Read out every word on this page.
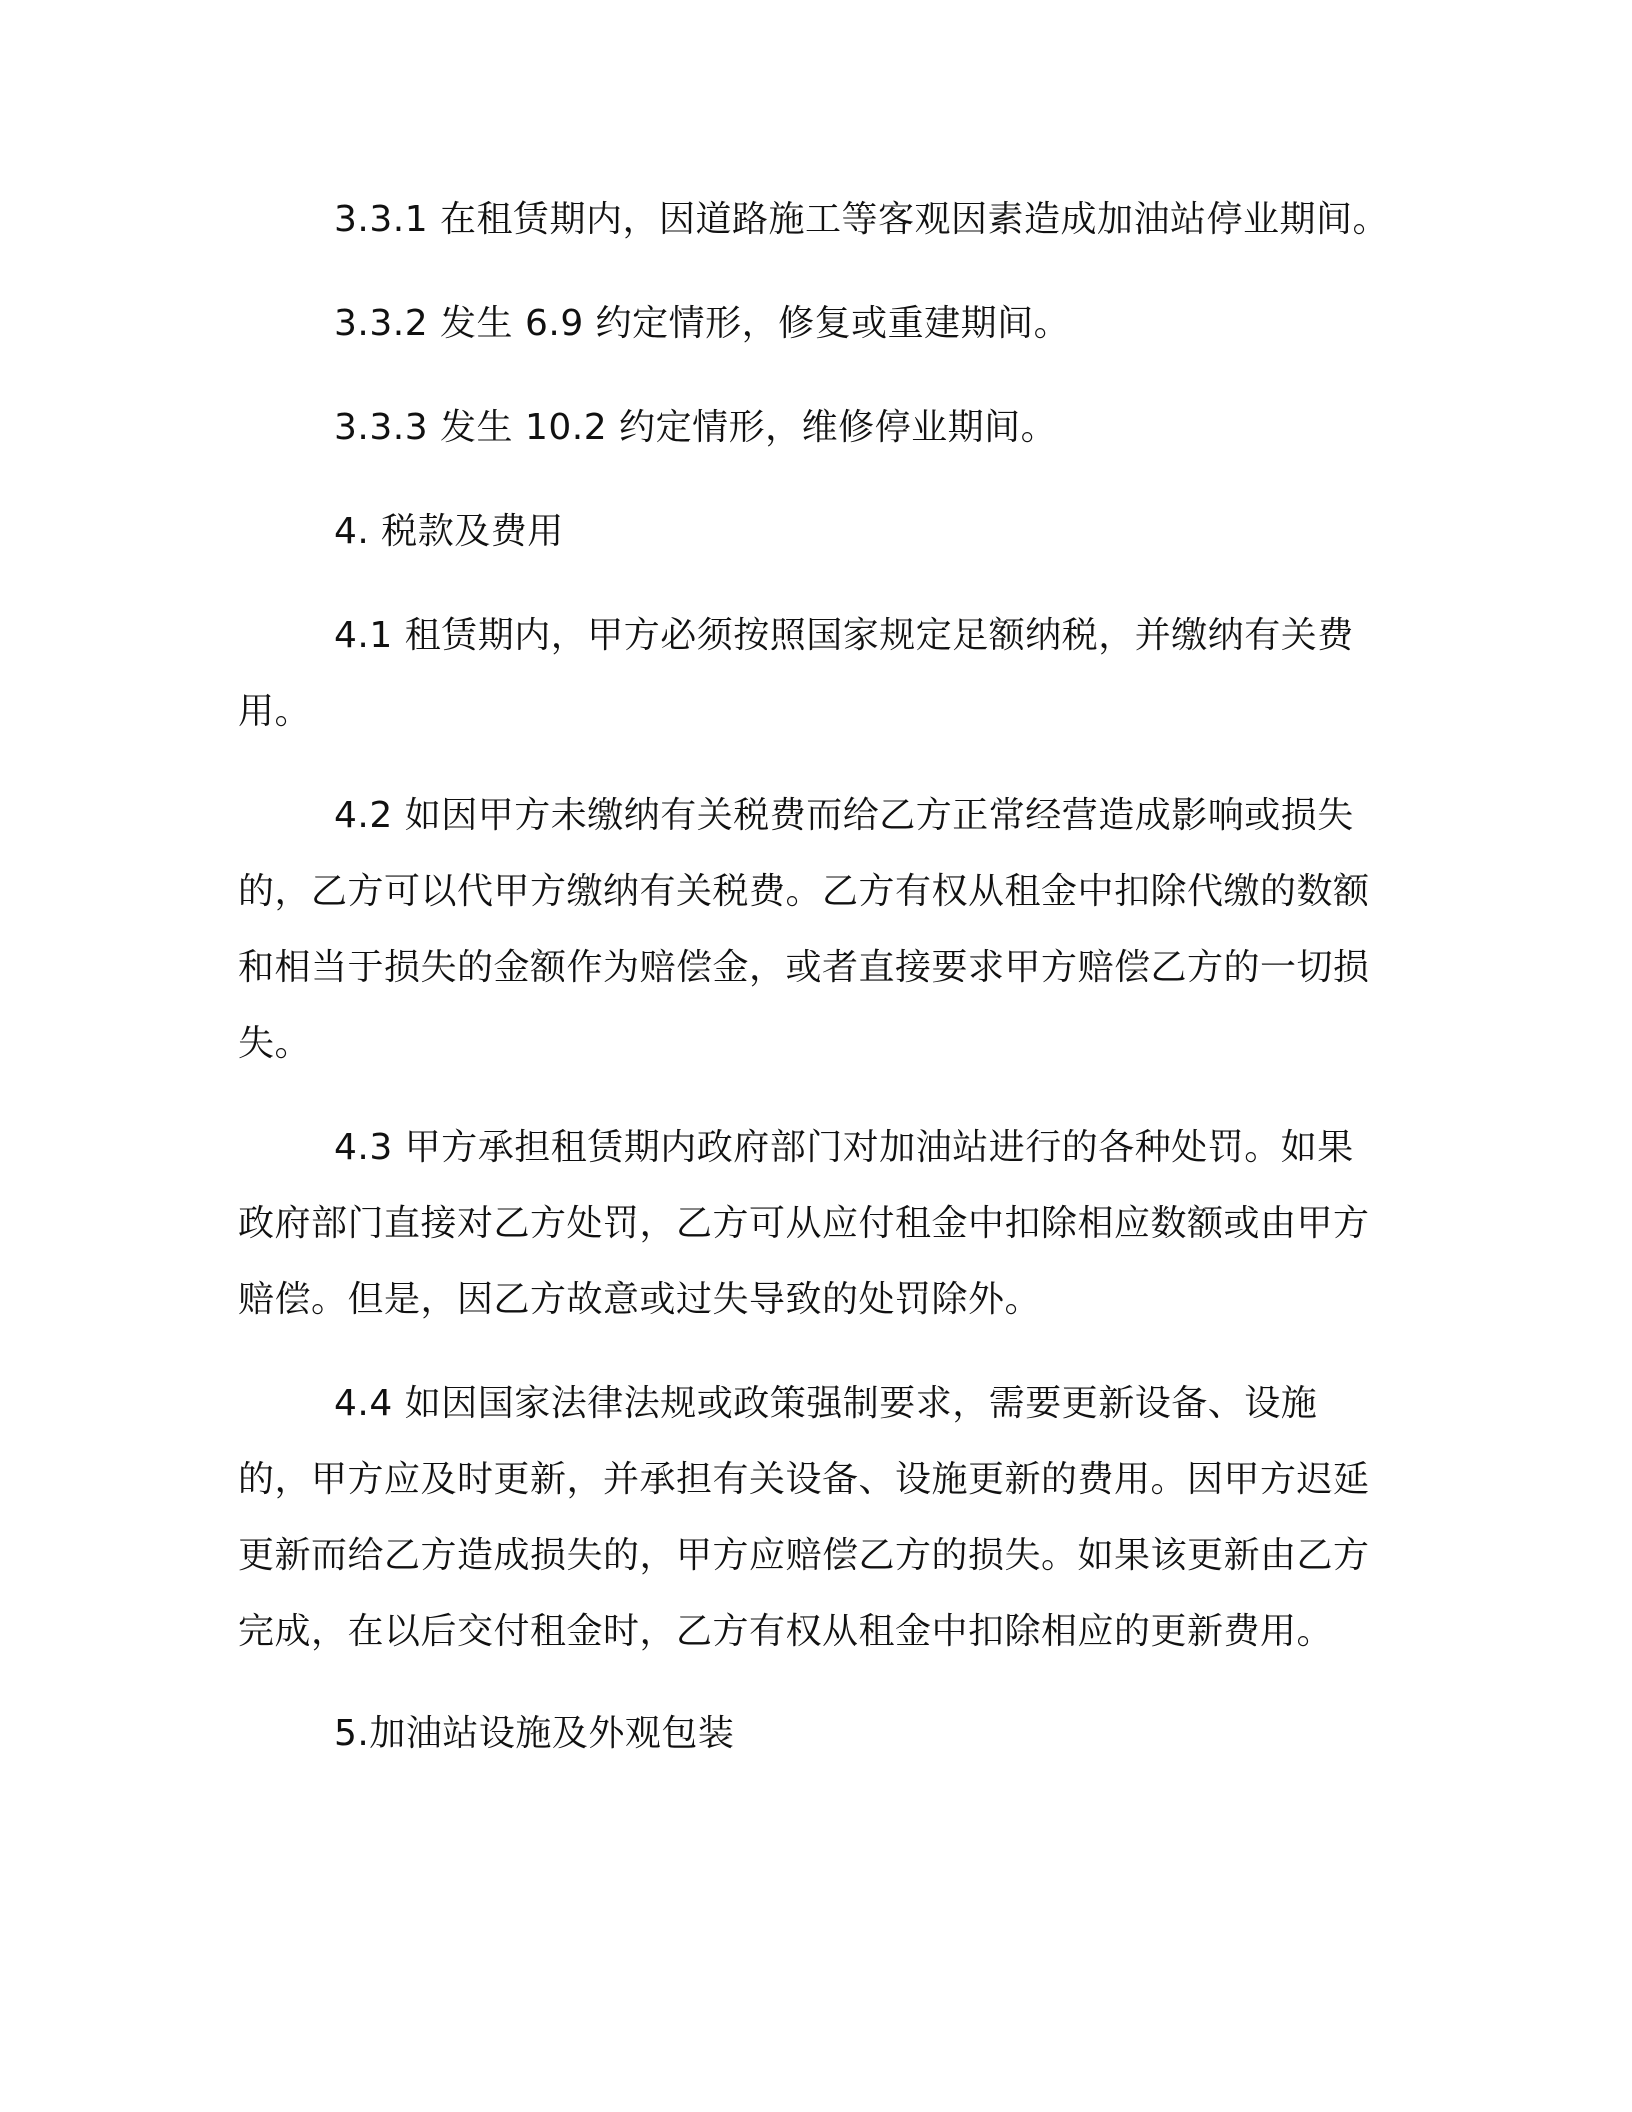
3.3.1 在租赁期内，因道路施工等客观因素造成加油站停业期间。

3.3.2 发生 6.9 约定情形，修复或重建期间。

3.3.3 发生 10.2 约定情形，维修停业期间。

4. 税款及费用

4.1 租赁期内，甲方必须按照国家规定足额纳税，并缴纳有关费用。

4.2 如因甲方未缴纳有关税费而给乙方正常经营造成影响或损失的，乙方可以代甲方缴纳有关税费。乙方有权从租金中扣除代缴的数额和相当于损失的金额作为赔偿金，或者直接要求甲方赔偿乙方的一切损失。

4.3 甲方承担租赁期内政府部门对加油站进行的各种处罚。如果政府部门直接对乙方处罚，乙方可从应付租金中扣除相应数额或由甲方赔偿。但是，因乙方故意或过失导致的处罚除外。

4.4 如因国家法律法规或政策强制要求，需要更新设备、设施的，甲方应及时更新，并承担有关设备、设施更新的费用。因甲方迟延更新而给乙方造成损失的，甲方应赔偿乙方的损失。如果该更新由乙方完成，在以后交付租金时，乙方有权从租金中扣除相应的更新费用。

5.加油站设施及外观包装
